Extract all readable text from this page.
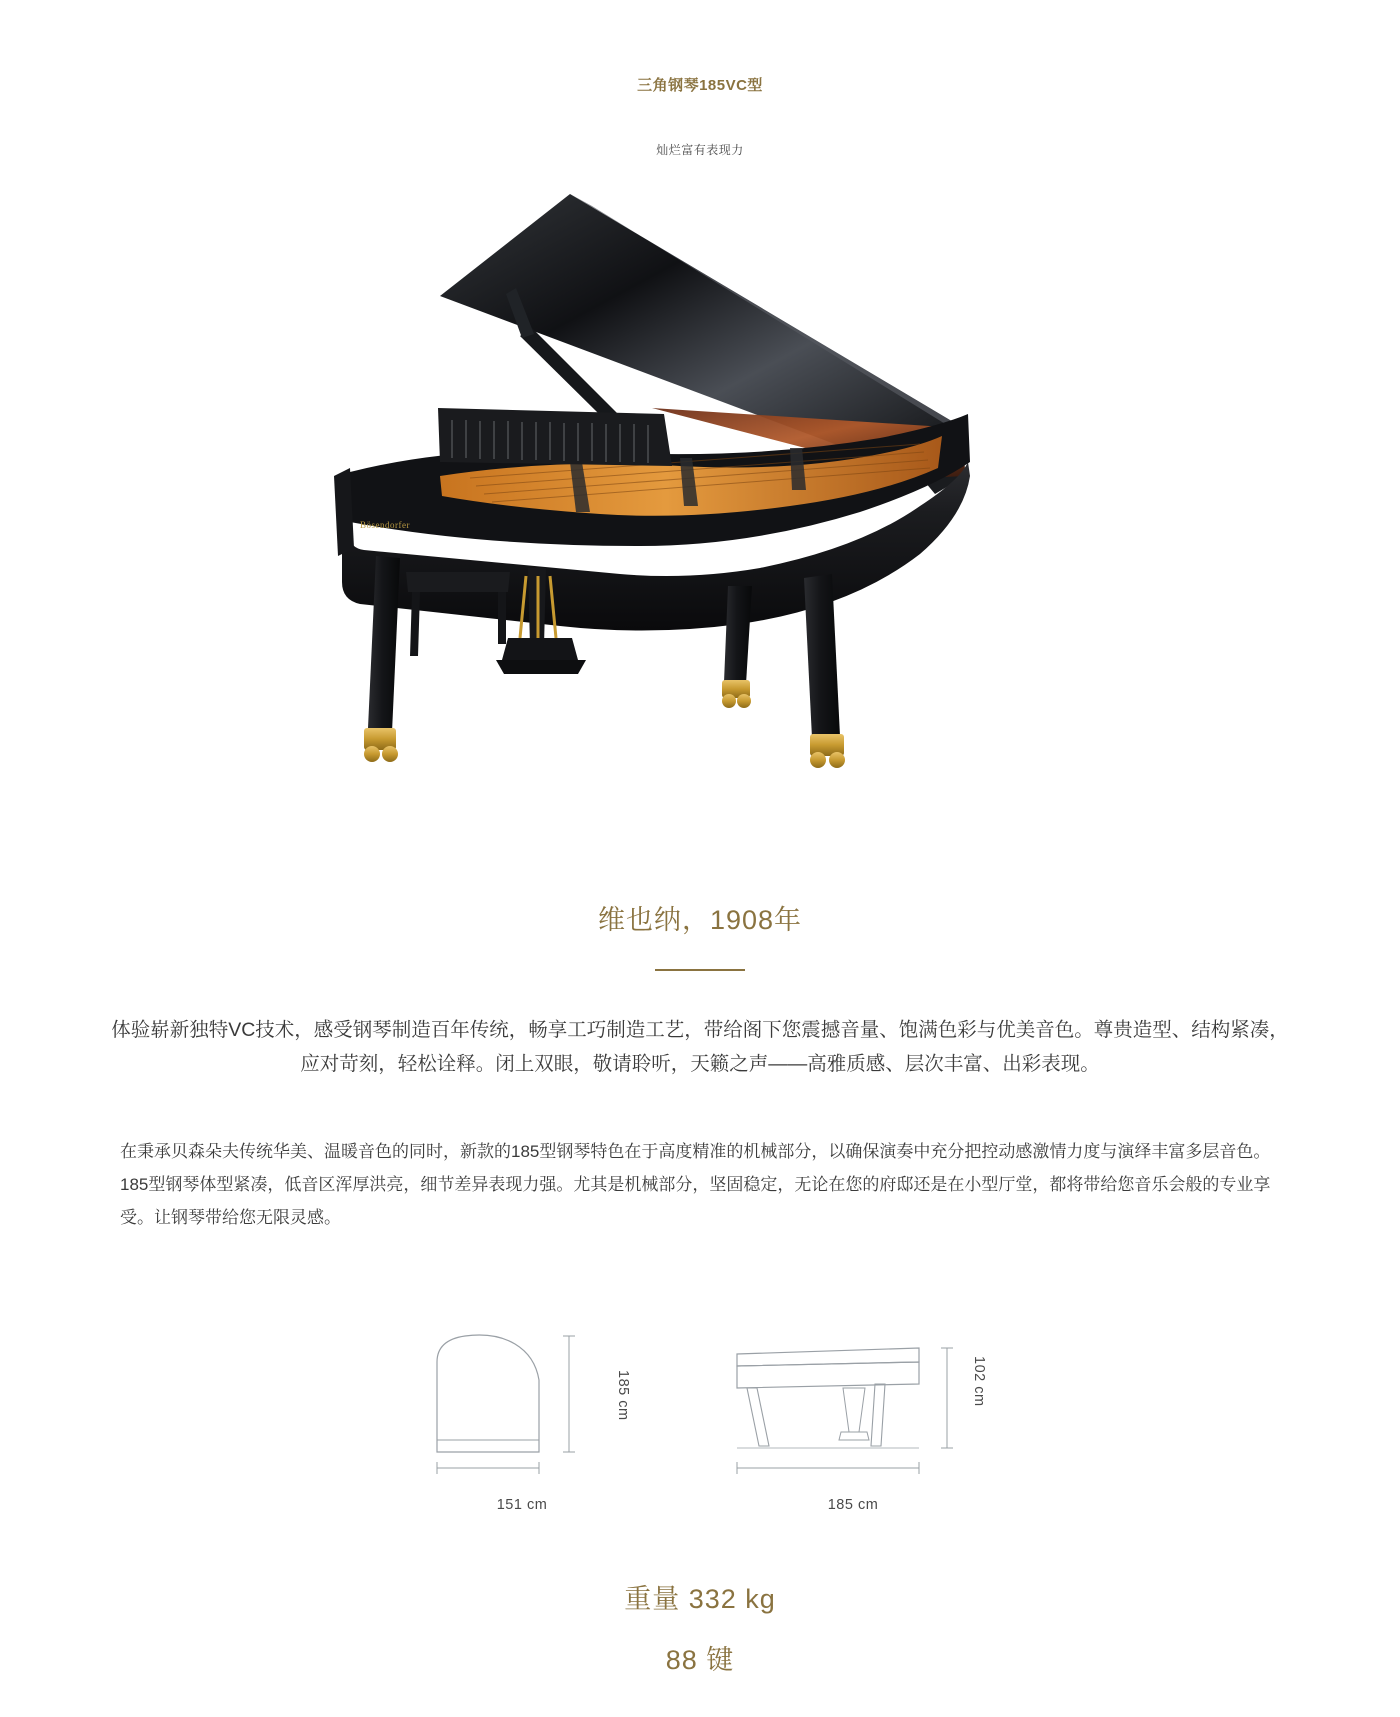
三角钢琴185VC型
灿烂富有表现力
Bösendorfer
维也纳，1908年

体验崭新独特VC技术，感受钢琴制造百年传统，畅享工巧制造工艺，带给阁下您震撼音量、饱满色彩与优美音色。尊贵造型、结构紧凑，应对苛刻，轻松诠释。闭上双眼，敬请聆听，天籁之声——高雅质感、层次丰富、出彩表现。

在秉承贝森朵夫传统华美、温暖音色的同时，新款的185型钢琴特色在于高度精准的机械部分，以确保演奏中充分把控动感激情力度与演绎丰富多层音色。185型钢琴体型紧凑，低音区浑厚洪亮，细节差异表现力强。尤其是机械部分，坚固稳定，无论在您的府邸还是在小型厅堂，都将带给您音乐会般的专业享受。让钢琴带给您无限灵感。

185 cm
151 cm
102 cm
185 cm
重量 332 kg
88 键
